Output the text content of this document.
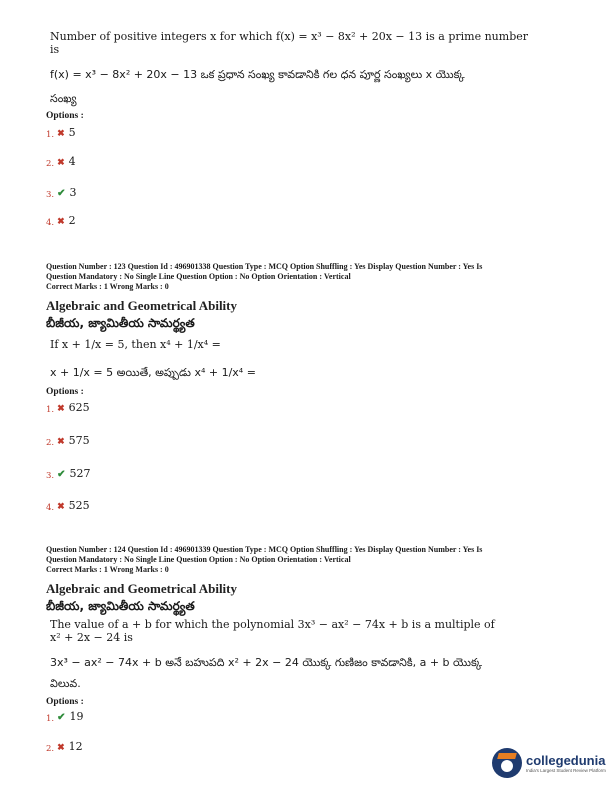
Number of positive integers x for which f(x) = x³ − 8x² + 20x − 13 is a prime number
is
f(x) = x³ − 8x² + 20x − 13 ఒక ప్రధాన సంఖ్య కావడానికి గల ధన పూర్ణ సంఖ్యలు x యొక్క
సంఖ్య
Options :
1. ✖ 5
2. ✖ 4
3. ✔ 3
4. ✖ 2
Question Number : 123 Question Id : 496901338 Question Type : MCQ Option Shuffling : Yes Display Question Number : Yes Is
Question Mandatory : No Single Line Question Option : No Option Orientation : Vertical
Correct Marks : 1 Wrong Marks : 0
Algebraic and Geometrical Ability
బీజీయ, జ్యామితీయ సామర్థ్యత
If x + 1/x = 5, then x⁴ + 1/x⁴ =
x + 1/x = 5 అయితే, అప్పుడు x⁴ + 1/x⁴ =
Options :
1. ✖ 625
2. ✖ 575
3. ✔ 527
4. ✖ 525
Question Number : 124 Question Id : 496901339 Question Type : MCQ Option Shuffling : Yes Display Question Number : Yes Is
Question Mandatory : No Single Line Question Option : No Option Orientation : Vertical
Correct Marks : 1 Wrong Marks : 0
Algebraic and Geometrical Ability
బీజీయ, జ్యామితీయ సామర్థ్యత
The value of a + b for which the polynomial 3x³ − ax² − 74x + b is a multiple of
x² + 2x − 24 is
3x³ − ax² − 74x + b అనే బహుపది x² + 2x − 24 యొక్క గుణిజం కావడానికి, a + b యొక్క
విలువ.
Options :
1. ✔ 19
2. ✖ 12
collegedunia
India's Largest Student Review Platform
